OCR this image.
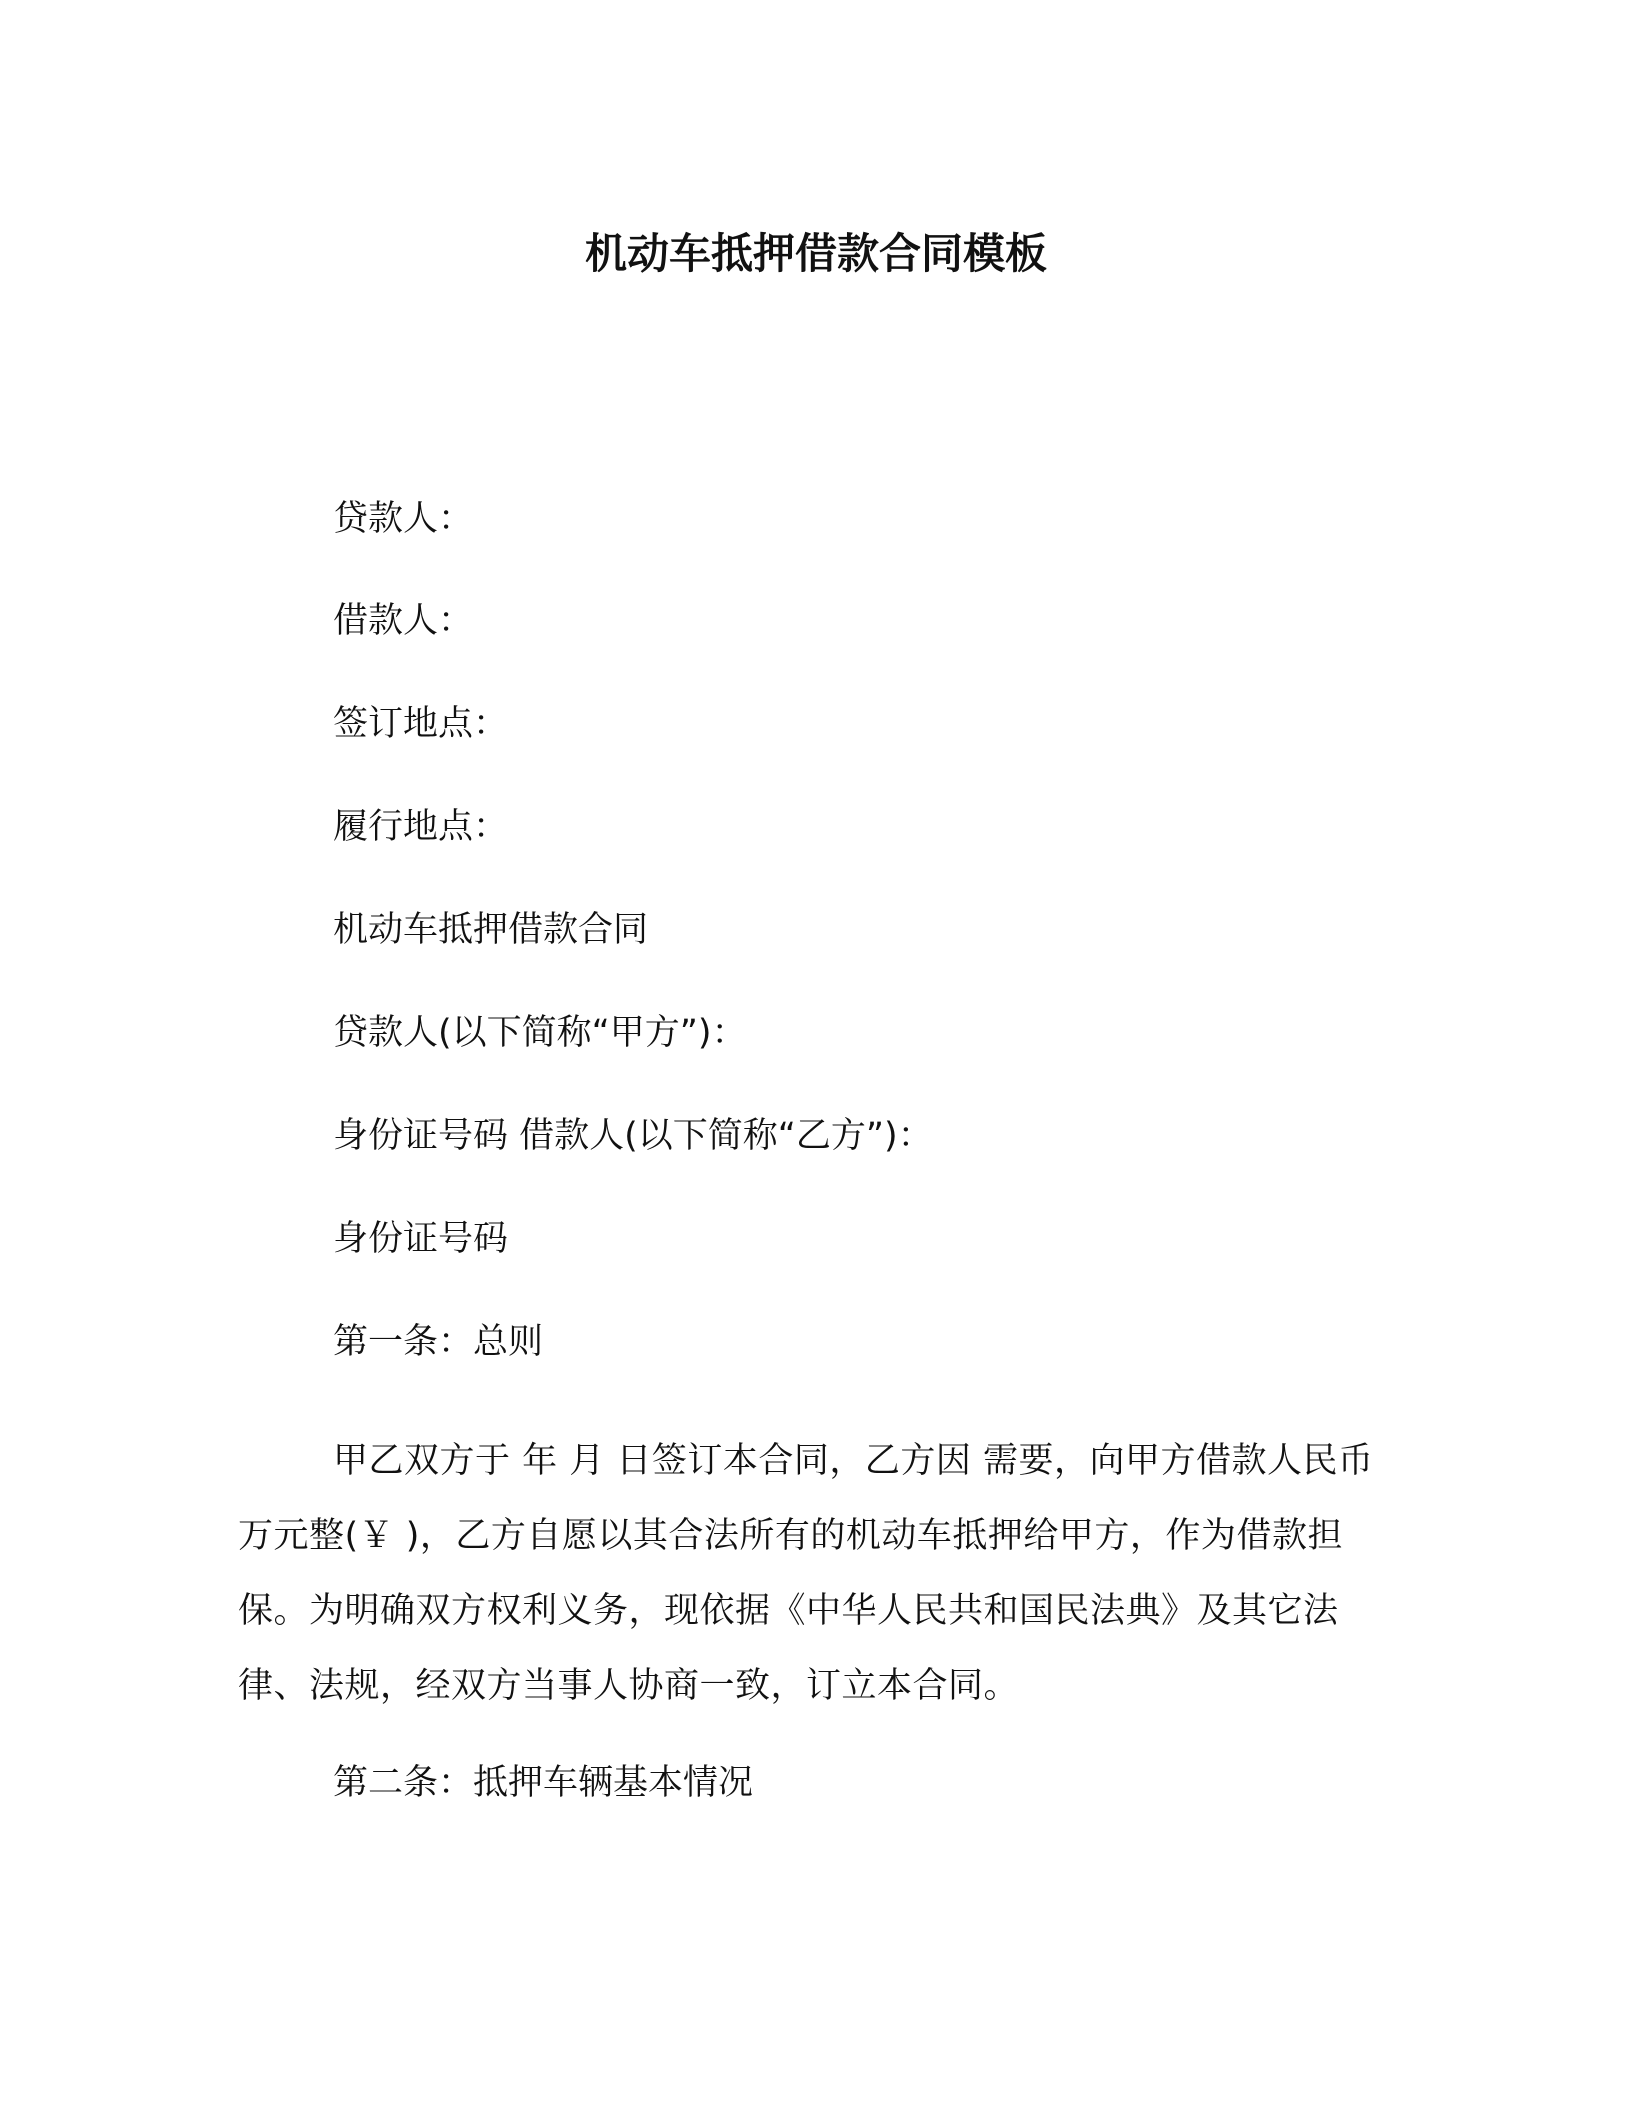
机动车抵押借款合同模板
贷款人：
借款人：
签订地点：
履行地点：
机动车抵押借款合同
贷款人(以下简称“甲方”)：
身份证号码 借款人(以下简称“乙方”)：
身份证号码
第一条：总则
甲乙双方于 年 月 日签订本合同，乙方因 需要，向甲方借款人民币 万元整(￥ )，乙方自愿以其合法所有的机动车抵押给甲方，作为借款担保。为明确双方权利义务，现依据《中华人民共和国民法典》及其它法律、法规，经双方当事人协商一致，订立本合同。
第二条：抵押车辆基本情况
